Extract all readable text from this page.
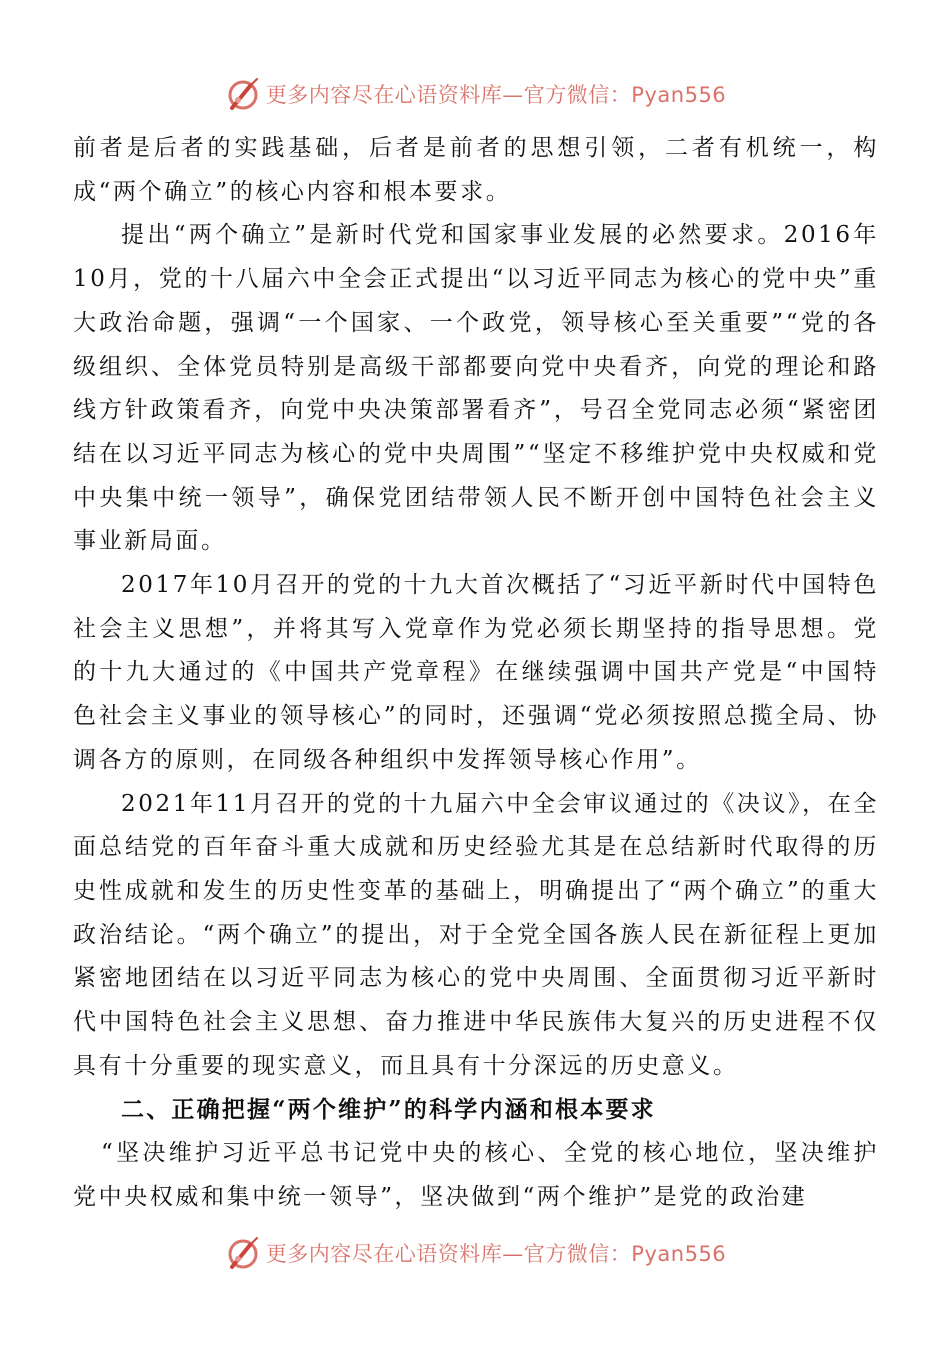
更多内容尽在心语资料库—官方微信：Pyan556

前者是后者的实践基础，后者是前者的思想引领，二者有机统一，构成“两个确立”的核心内容和根本要求。

提出“两个确立”是新时代党和国家事业发展的必然要求。2016年10月，党的十八届六中全会正式提出“以习近平同志为核心的党中央”重大政治命题，强调“一个国家、一个政党，领导核心至关重要”“党的各级组织、全体党员特别是高级干部都要向党中央看齐，向党的理论和路线方针政策看齐，向党中央决策部署看齐”，号召全党同志必须“紧密团结在以习近平同志为核心的党中央周围”“坚定不移维护党中央权威和党中央集中统一领导”，确保党团结带领人民不断开创中国特色社会主义事业新局面。

2017年10月召开的党的十九大首次概括了“习近平新时代中国特色社会主义思想”，并将其写入党章作为党必须长期坚持的指导思想。党的十九大通过的《中国共产党章程》在继续强调中国共产党是“中国特色社会主义事业的领导核心”的同时，还强调“党必须按照总揽全局、协调各方的原则，在同级各种组织中发挥领导核心作用”。

2021年11月召开的党的十九届六中全会审议通过的《决议》，在全面总结党的百年奋斗重大成就和历史经验尤其是在总结新时代取得的历史性成就和发生的历史性变革的基础上，明确提出了“两个确立”的重大政治结论。“两个确立”的提出，对于全党全国各族人民在新征程上更加紧密地团结在以习近平同志为核心的党中央周围、全面贯彻习近平新时代中国特色社会主义思想、奋力推进中华民族伟大复兴的历史进程不仅具有十分重要的现实意义，而且具有十分深远的历史意义。

二、正确把握“两个维护”的科学内涵和根本要求

“坚决维护习近平总书记党中央的核心、全党的核心地位，坚决维护党中央权威和集中统一领导”，坚决做到“两个维护”是党的政治建

更多内容尽在心语资料库—官方微信：Pyan556
